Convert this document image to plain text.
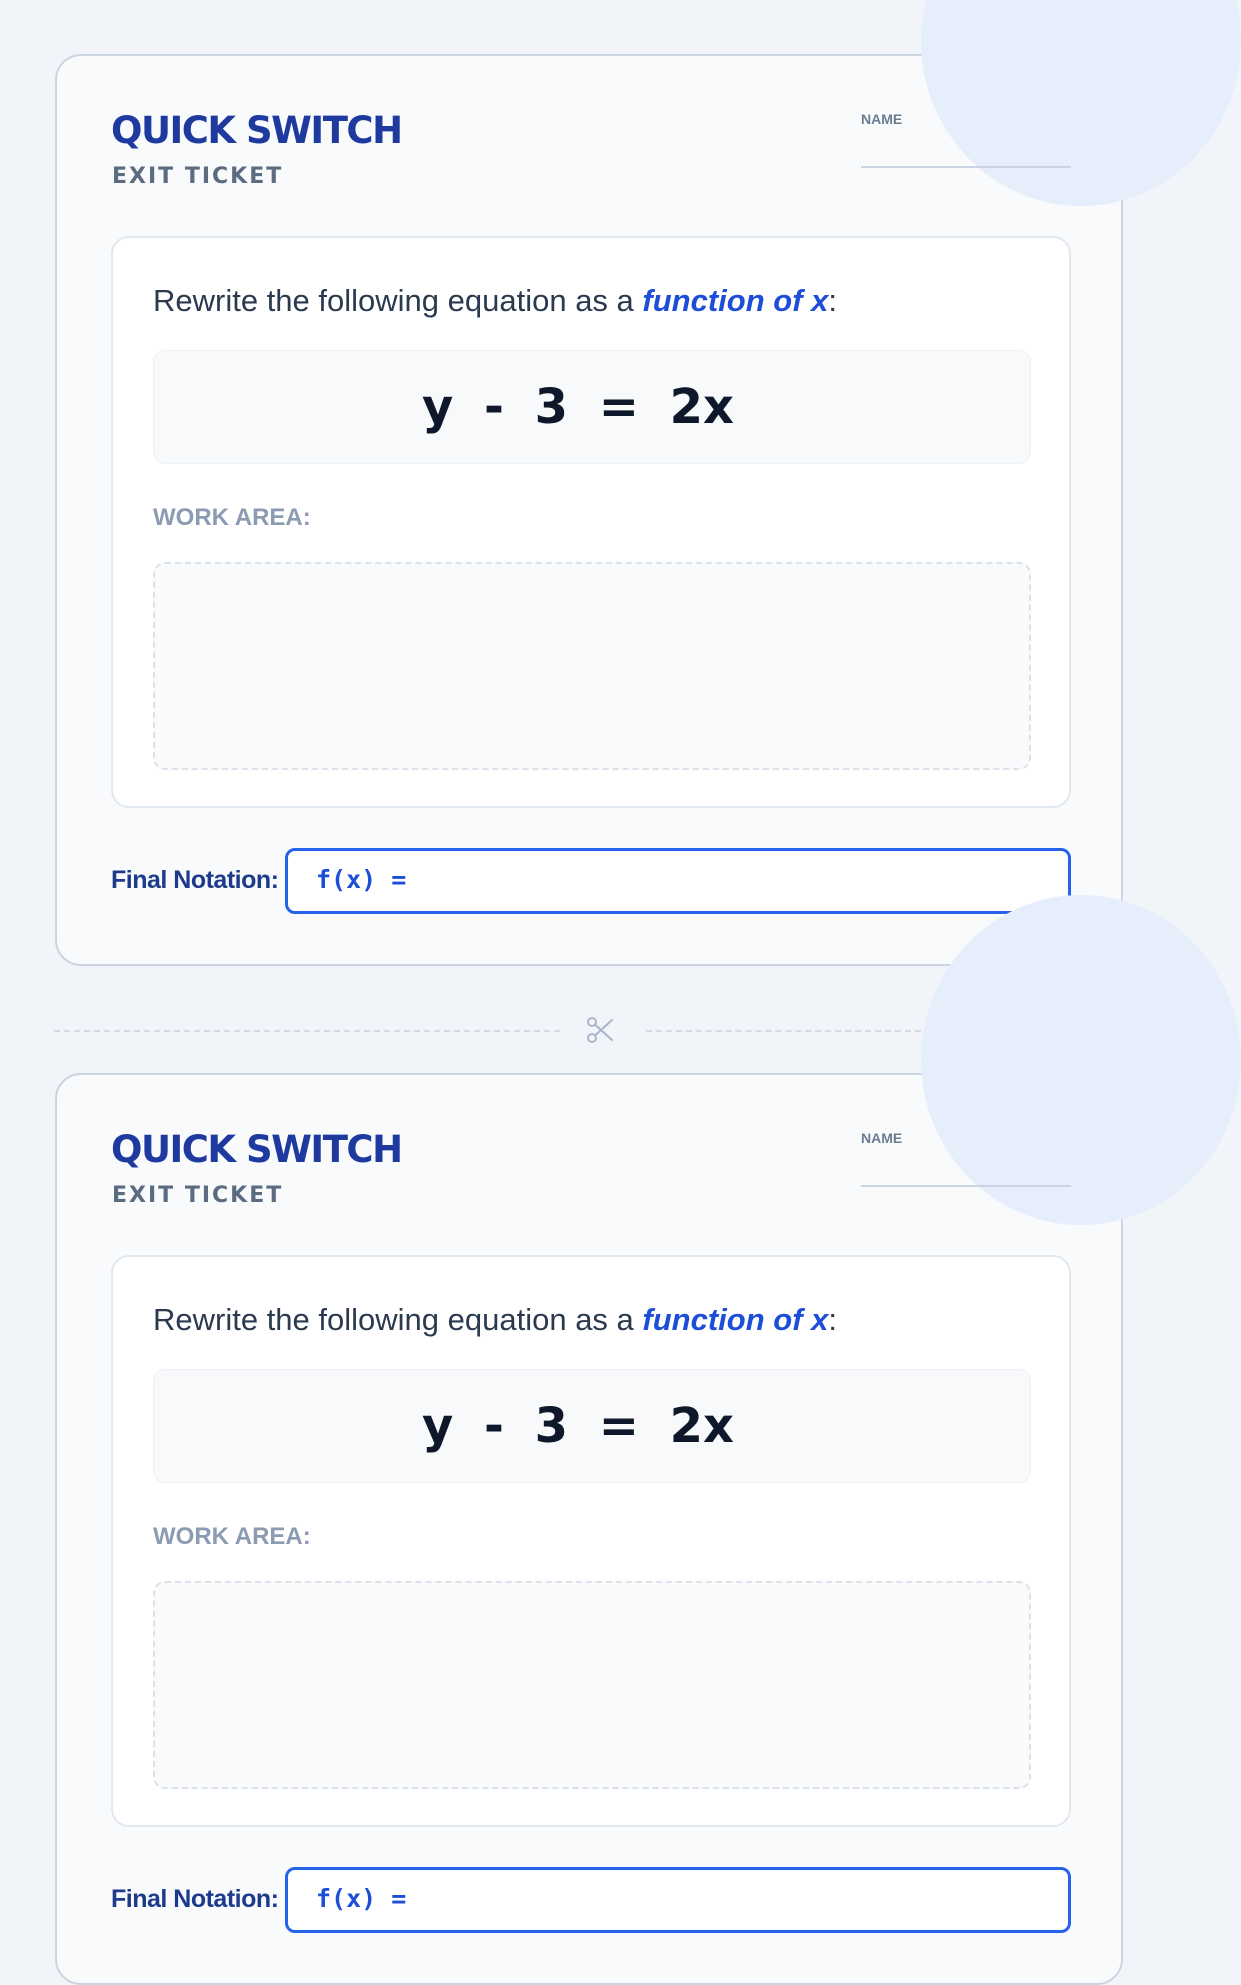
QUICK SWITCH
EXIT TICKET
NAME
Rewrite the following equation as a function of x:
y - 3 = 2x
WORK AREA:
Final Notation: f(x) =
QUICK SWITCH
EXIT TICKET
NAME
Rewrite the following equation as a function of x:
y - 3 = 2x
WORK AREA:
Final Notation: f(x) =
